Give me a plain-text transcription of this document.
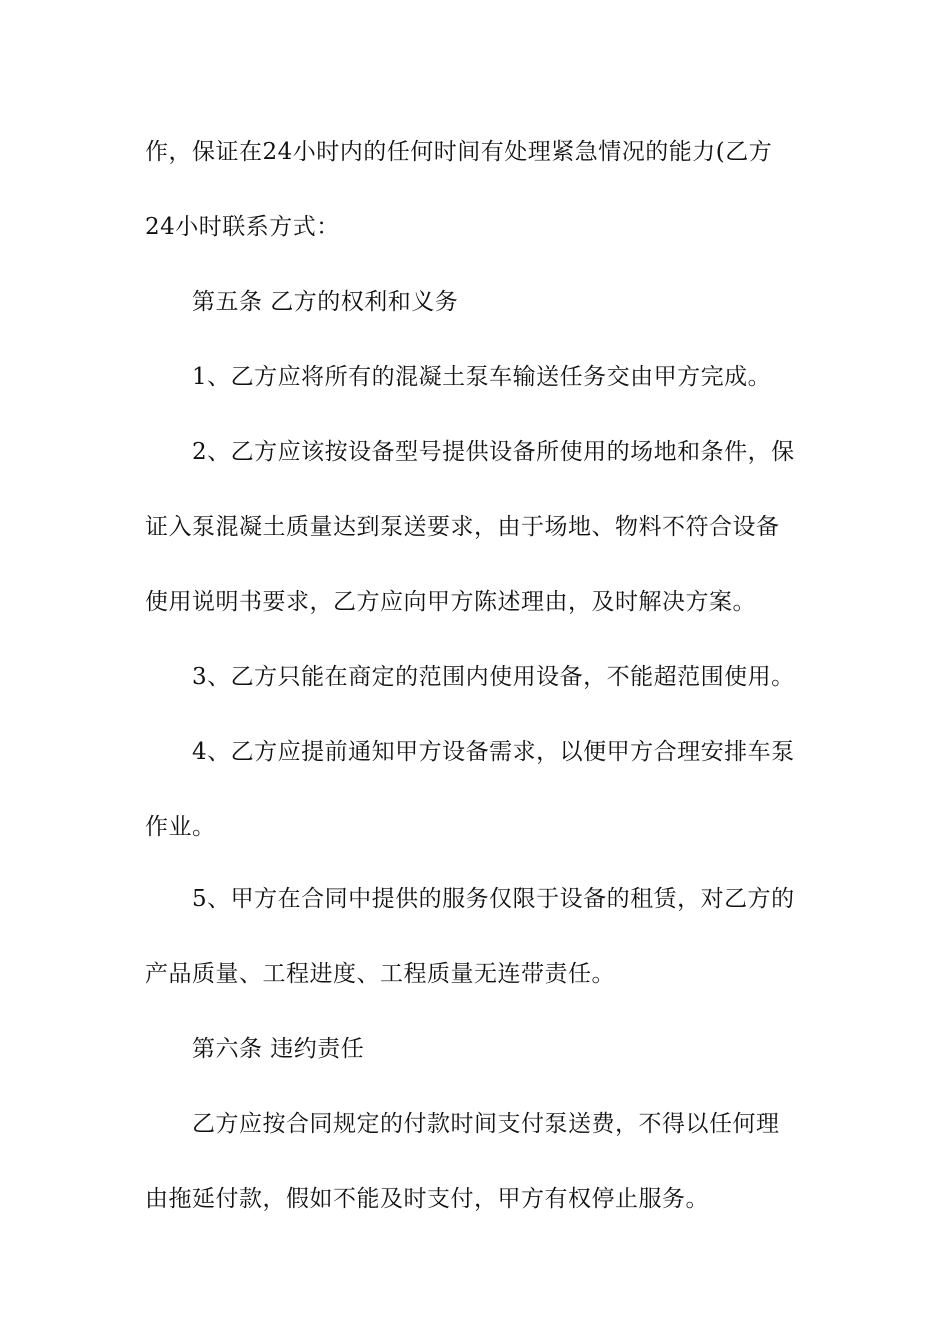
作，保证在24小时内的任何时间有处理紧急情况的能力(乙方
24小时联系方式：
第五条 乙方的权利和义务
1、乙方应将所有的混凝土泵车输送任务交由甲方完成。
2、乙方应该按设备型号提供设备所使用的场地和条件，保
证入泵混凝土质量达到泵送要求，由于场地、物料不符合设备
使用说明书要求，乙方应向甲方陈述理由，及时解决方案。
3、乙方只能在商定的范围内使用设备，不能超范围使用。
4、乙方应提前通知甲方设备需求，以便甲方合理安排车泵
作业。
5、甲方在合同中提供的服务仅限于设备的租赁，对乙方的
产品质量、工程进度、工程质量无连带责任。
第六条 违约责任
乙方应按合同规定的付款时间支付泵送费，不得以任何理
由拖延付款，假如不能及时支付，甲方有权停止服务。
